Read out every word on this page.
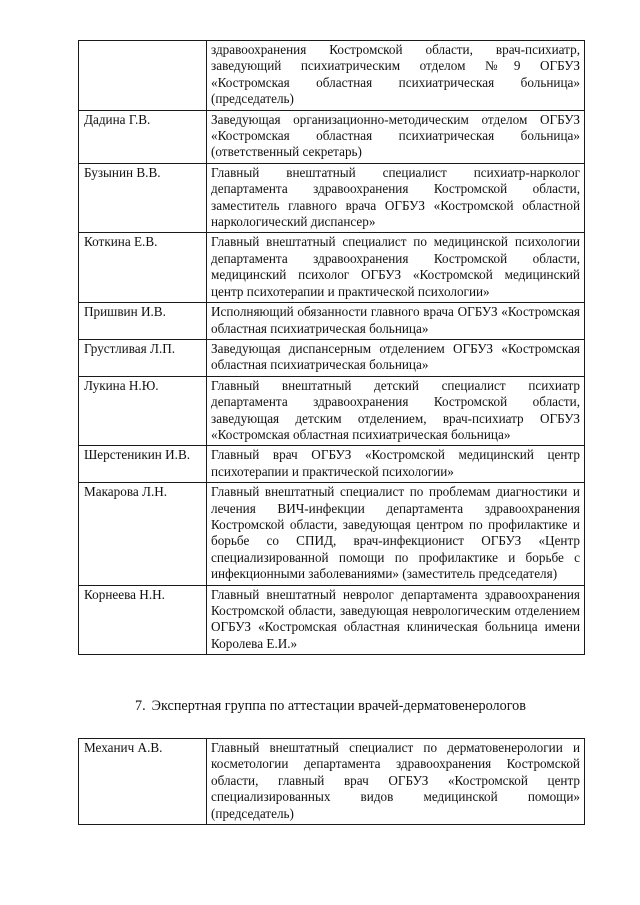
	здравоохранения Костромской области, врач-психиатр, заведующий психиатрическим отделом №9 ОГБУЗ «Костромская областная психиатрическая больница» (председатель)
Дадина Г.В.	Заведующая организационно-методическим отделом ОГБУЗ «Костромская областная психиатрическая больница» (ответственный секретарь)
Бузынин В.В.	Главный внештатный специалист психиатр-нарколог департамента здравоохранения Костромской области, заместитель главного врача ОГБУЗ «Костромской областной наркологический диспансер»
Коткина Е.В.	Главный внештатный специалист по медицинской психологии департамента здравоохранения Костромской области, медицинский психолог ОГБУЗ «Костромской медицинский центр психотерапии и практической психологии»
Пришвин И.В.	Исполняющий обязанности главного врача ОГБУЗ «Костромская областная психиатрическая больница»
Грустливая Л.П.	Заведующая диспансерным отделением ОГБУЗ «Костромская областная психиатрическая больница»
Лукина Н.Ю.	Главный внештатный детский специалист психиатр департамента здравоохранения Костромской области, заведующая детским отделением, врач-психиатр ОГБУЗ «Костромская областная психиатрическая больница»
Шерстеникин И.В.	Главный врач ОГБУЗ «Костромской медицинский центр психотерапии и практической психологии»
Макарова Л.Н.	Главный внештатный специалист по проблемам диагностики и лечения ВИЧ-инфекции департамента здравоохранения Костромской области, заведующая центром по профилактике и борьбе со СПИД, врач-инфекционист ОГБУЗ «Центр специализированной помощи по профилактике и борьбе с инфекционными заболеваниями» (заместитель председателя)
Корнеева Н.Н.	Главный внештатный невролог департамента здравоохранения Костромской области, заведующая неврологическим отделением ОГБУЗ «Костромская областная клиническая больница имени Королева Е.И.»
7. Экспертная группа по аттестации врачей-дерматовенерологов
Механич А.В.	Главный внештатный специалист по дерматовенерологии и косметологии департамента здравоохранения Костромской области, главный врач ОГБУЗ «Костромской центр специализированных видов медицинской помощи» (председатель)
